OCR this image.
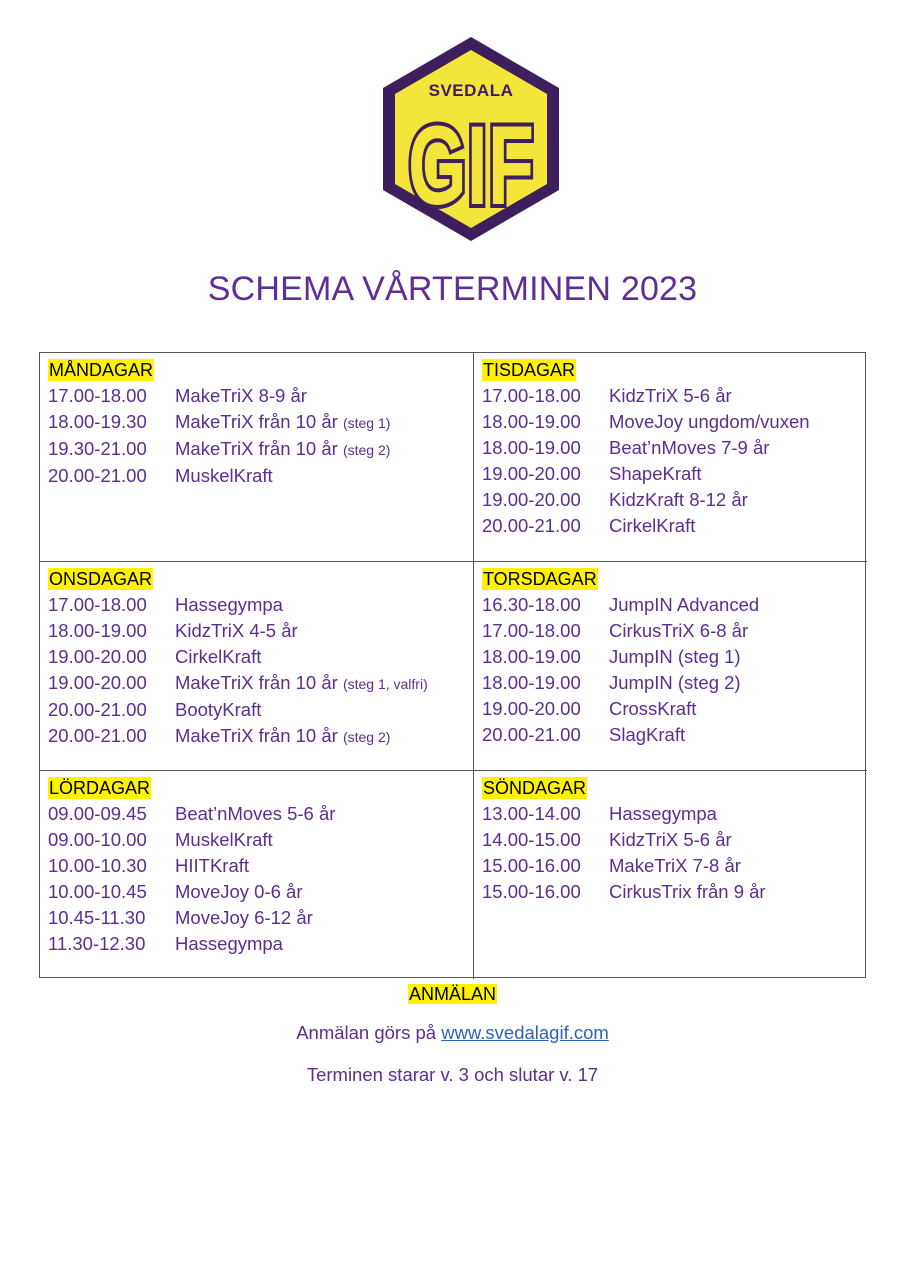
SVEDALA
GIF
GIF
SCHEMA VÅRTERMINEN 2023
MÅNDAGAR
17.00-18.00	MakeTriX 8-9 år
18.00-19.30	MakeTriX från 10 år (steg 1)
19.30-21.00	MakeTriX från 10 år (steg 2)
20.00-21.00	MuskelKraft
TISDAGAR
17.00-18.00	KidzTriX 5-6 år
18.00-19.00	MoveJoy ungdom/vuxen
18.00-19.00	Beat’nMoves 7-9 år
19.00-20.00	ShapeKraft
19.00-20.00	KidzKraft 8-12 år
20.00-21.00	CirkelKraft
ONSDAGAR
17.00-18.00	Hassegympa
18.00-19.00	KidzTriX 4-5 år
19.00-20.00	CirkelKraft
19.00-20.00	MakeTriX från 10 år (steg 1, valfri)
20.00-21.00	BootyKraft
20.00-21.00	MakeTriX från 10 år (steg 2)
TORSDAGAR
16.30-18.00	JumpIN Advanced
17.00-18.00	CirkusTriX 6-8 år
18.00-19.00	JumpIN (steg 1)
18.00-19.00	JumpIN (steg 2)
19.00-20.00	CrossKraft
20.00-21.00	SlagKraft
LÖRDAGAR
09.00-09.45	Beat’nMoves 5-6 år
09.00-10.00	MuskelKraft
10.00-10.30	HIITKraft
10.00-10.45	MoveJoy 0-6 år
10.45-11.30	MoveJoy 6-12 år
11.30-12.30	Hassegympa
SÖNDAGAR
13.00-14.00	Hassegympa
14.00-15.00	KidzTriX 5-6 år
15.00-16.00	MakeTriX 7-8 år
15.00-16.00	CirkusTrix från 9 år
ANMÄLAN
Anmälan görs på www.svedalagif.com
Terminen starar v. 3 och slutar v. 17
